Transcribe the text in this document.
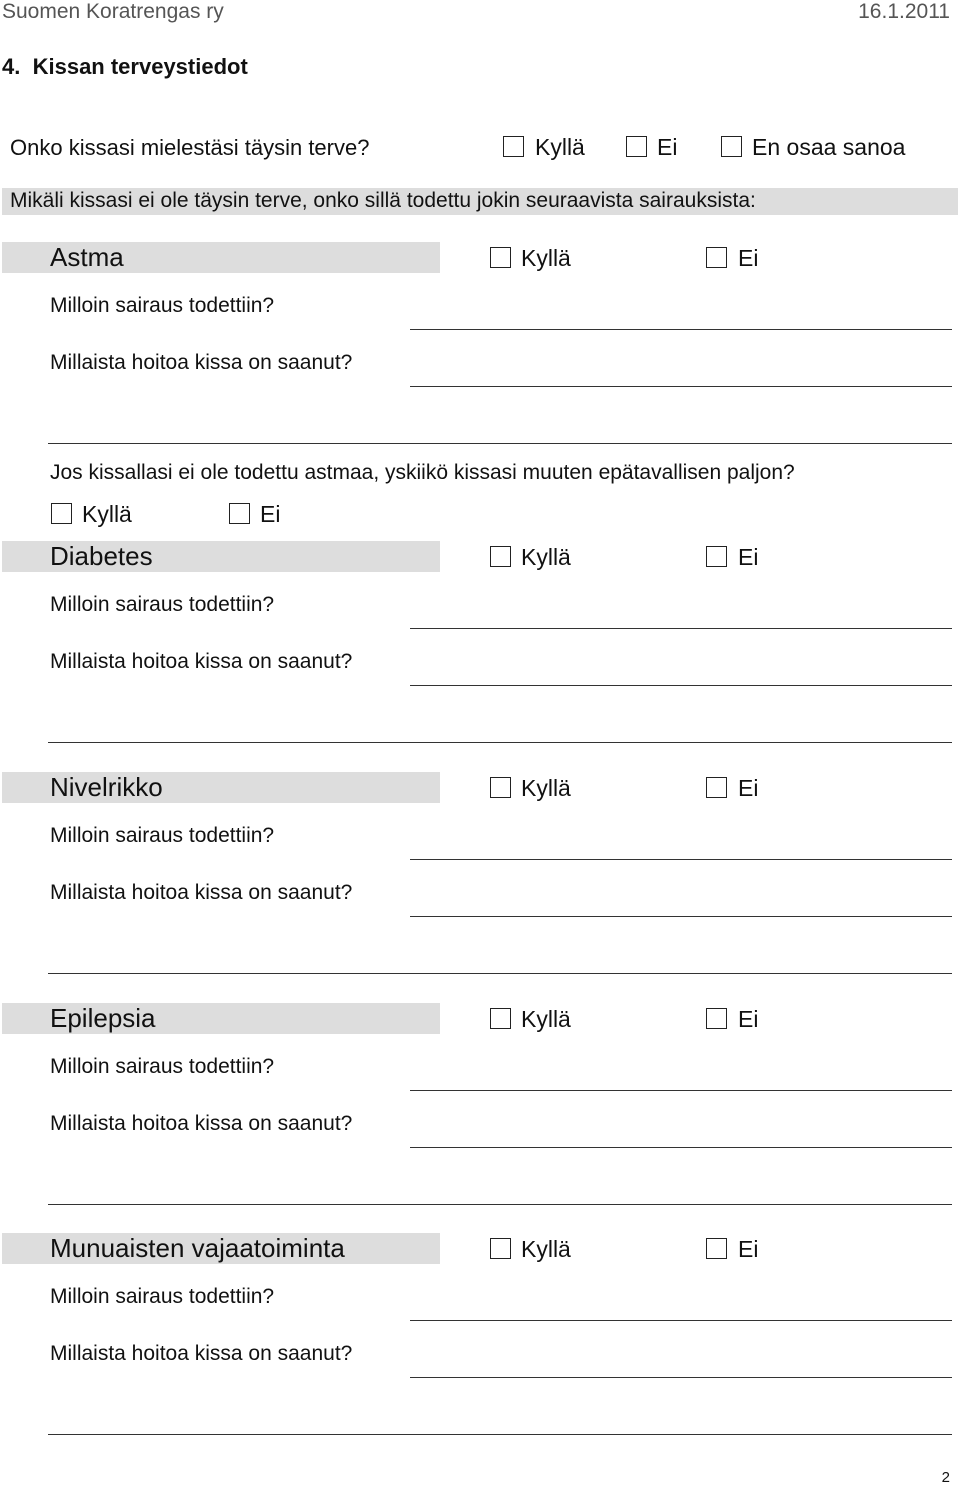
Suomen Koratrengas ry	16.1.2011
4. Kissan terveystiedot
Onko kissasi mielestäsi täysin terve?	Kyllä	Ei	En osaa sanoa
Mikäli kissasi ei ole täysin terve, onko sillä todettu jokin seuraavista sairauksista:
Astma	Kyllä	Ei
Milloin sairaus todettiin?
Millaista hoitoa kissa on saanut?
Jos kissallasi ei ole todettu astmaa, yskiikö kissasi muuten epätavallisen paljon?
Kyllä	Ei
Diabetes	Kyllä	Ei
Milloin sairaus todettiin?
Millaista hoitoa kissa on saanut?
Nivelrikko	Kyllä	Ei
Milloin sairaus todettiin?
Millaista hoitoa kissa on saanut?
Epilepsia	Kyllä	Ei
Milloin sairaus todettiin?
Millaista hoitoa kissa on saanut?
Munuaisten vajaatoiminta	Kyllä	Ei
Milloin sairaus todettiin?
Millaista hoitoa kissa on saanut?
2
